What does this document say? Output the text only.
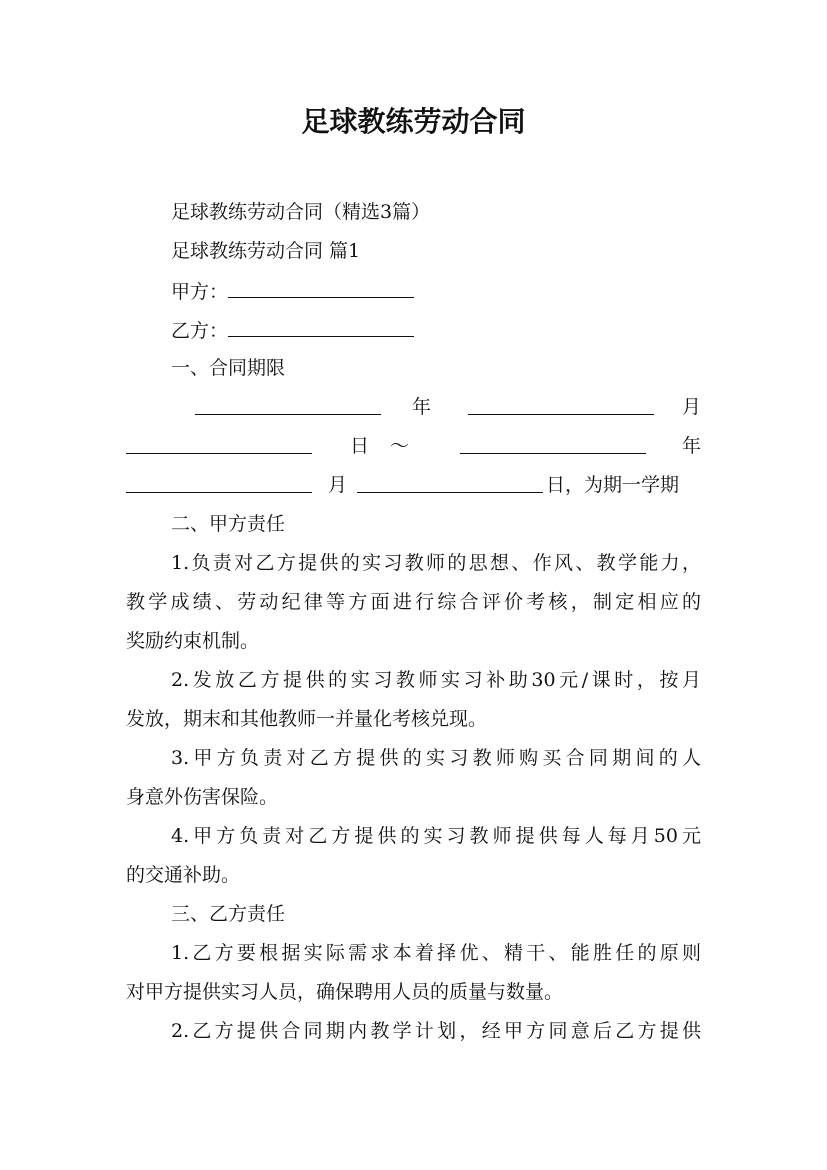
足球教练劳动合同
足球教练劳动合同（精选3篇）
足球教练劳动合同 篇1
甲方：
乙方：
一、合同期限
年	月
日 ～	年
月	日，为期一学期
二、甲方责任
1.负责对乙方提供的实习教师的思想、作风、教学能力，
教学成绩、劳动纪律等方面进行综合评价考核，制定相应的
奖励约束机制。
2.发放乙方提供的实习教师实习补助30元/课时，按月
发放，期末和其他教师一并量化考核兑现。
3.甲方负责对乙方提供的实习教师购买合同期间的人
身意外伤害保险。
4.甲方负责对乙方提供的实习教师提供每人每月50元
的交通补助。
三、乙方责任
1.乙方要根据实际需求本着择优、精干、能胜任的原则
对甲方提供实习人员，确保聘用人员的质量与数量。
2.乙方提供合同期内教学计划，经甲方同意后乙方提供
